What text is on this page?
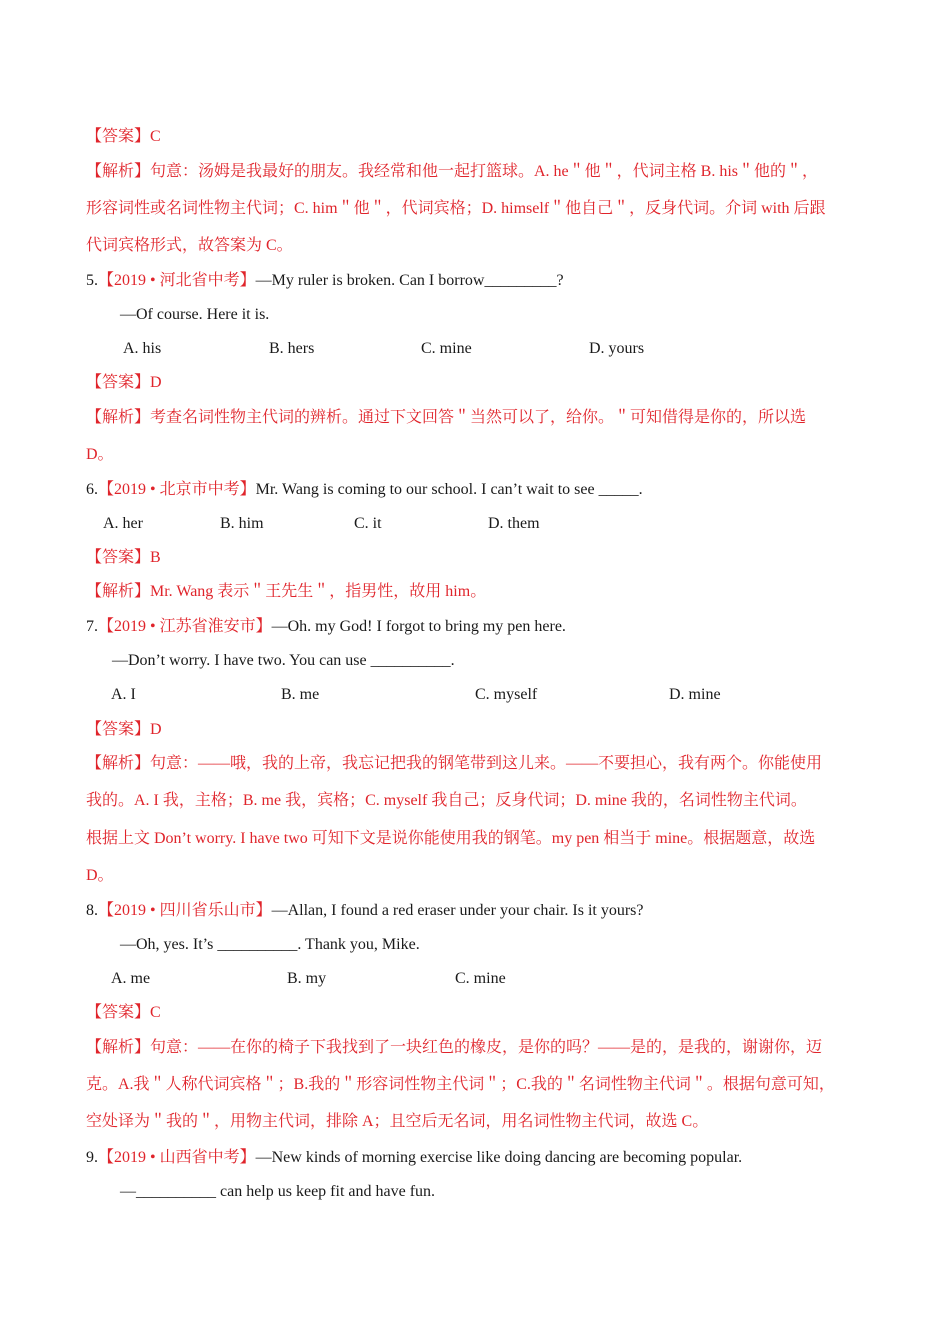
【答案】C
【解析】句意：汤姆是我最好的朋友。我经常和他一起打篮球。A. he＂他＂，代词主格 B. his＂他的＂，
形容词性或名词性物主代词；C. him＂他＂，代词宾格；D. himself＂他自己＂，反身代词。介词 with 后跟
代词宾格形式，故答案为 C。
5.【2019 • 河北省中考】—My ruler is broken. Can I borrow_________?
—Of course. Here it is.
A. his	B. hers	C. mine	D. yours
【答案】D
【解析】考查名词性物主代词的辨析。通过下文回答＂当然可以了，给你。＂可知借得是你的，所以选
D。
6.【2019 • 北京市中考】Mr. Wang is coming to our school. I can’t wait to see _____.
A. her	B. him	C. it	D. them
【答案】B
【解析】Mr. Wang 表示＂王先生＂，指男性，故用 him。
7.【2019 • 江苏省淮安市】—Oh. my God! I forgot to bring my pen here.
—Don’t worry. I have two. You can use __________.
A. I	B. me	C. myself	D. mine
【答案】D
【解析】句意：——哦，我的上帝，我忘记把我的钢笔带到这儿来。——不要担心，我有两个。你能使用
我的。A. I 我，主格；B. me 我，宾格；C. myself 我自己；反身代词；D. mine 我的，名词性物主代词。
根据上文 Don’t worry. I have two 可知下文是说你能使用我的钢笔。my pen 相当于 mine。根据题意，故选
D。
8.【2019 • 四川省乐山市】—Allan, I found a red eraser under your chair. Is it yours?
—Oh, yes. It’s __________. Thank you, Mike.
A. me	B. my	C. mine
【答案】C
【解析】句意：——在你的椅子下我找到了一块红色的橡皮，是你的吗？——是的，是我的，谢谢你，迈
克。A.我＂人称代词宾格＂；B.我的＂形容词性物主代词＂；C.我的＂名词性物主代词＂。根据句意可知，
空处译为＂我的＂，用物主代词，排除 A；且空后无名词，用名词性物主代词，故选 C。
9.【2019 • 山西省中考】—New kinds of morning exercise like doing dancing are becoming popular.
—__________ can help us keep fit and have fun.
